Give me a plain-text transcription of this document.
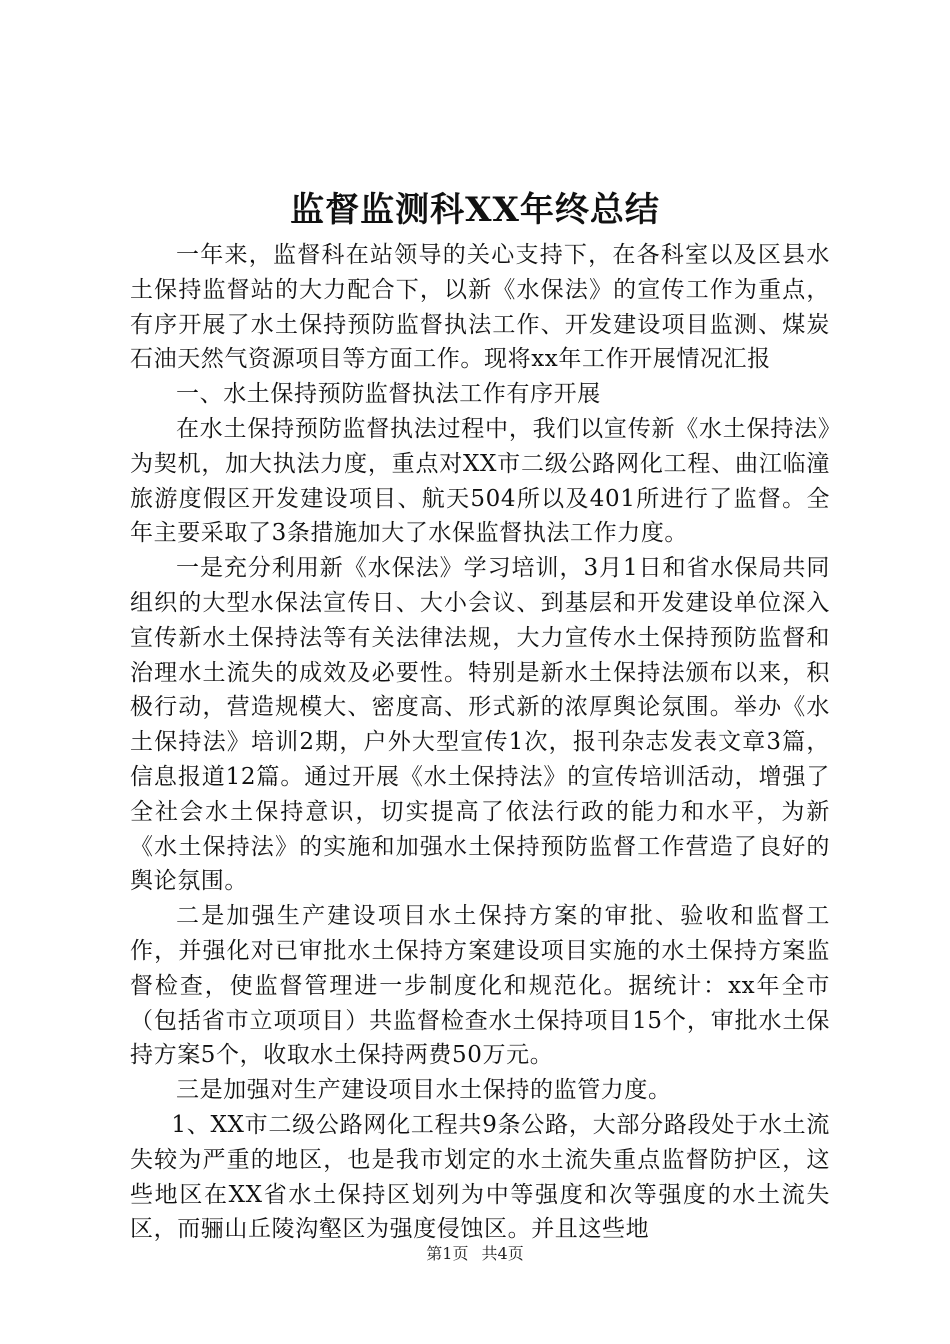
监督监测科XX年终总结

一年来，监督科在站领导的关心支持下，在各科室以及区县水土保持监督站的大力配合下，以新《水保法》的宣传工作为重点，有序开展了水土保持预防监督执法工作、开发建设项目监测、煤炭石油天然气资源项目等方面工作。现将xx年工作开展情况汇报

一、水土保持预防监督执法工作有序开展

在水土保持预防监督执法过程中，我们以宣传新《水土保持法》为契机，加大执法力度，重点对XX市二级公路网化工程、曲江临潼旅游度假区开发建设项目、航天504所以及401所进行了监督。全年主要采取了3条措施加大了水保监督执法工作力度。

一是充分利用新《水保法》学习培训，3月1日和省水保局共同组织的大型水保法宣传日、大小会议、到基层和开发建设单位深入宣传新水土保持法等有关法律法规，大力宣传水土保持预防监督和治理水土流失的成效及必要性。特别是新水土保持法颁布以来，积极行动，营造规模大、密度高、形式新的浓厚舆论氛围。举办《水土保持法》培训2期，户外大型宣传1次，报刊杂志发表文章3篇，信息报道12篇。通过开展《水土保持法》的宣传培训活动，增强了全社会水土保持意识，切实提高了依法行政的能力和水平，为新《水土保持法》的实施和加强水土保持预防监督工作营造了良好的舆论氛围。

二是加强生产建设项目水土保持方案的审批、验收和监督工作，并强化对已审批水土保持方案建设项目实施的水土保持方案监督检查，使监督管理进一步制度化和规范化。据统计：xx年全市（包括省市立项项目）共监督检查水土保持项目15个，审批水土保持方案5个，收取水土保持两费50万元。

三是加强对生产建设项目水土保持的监管力度。

1、XX市二级公路网化工程共9条公路，大部分路段处于水土流失较为严重的地区，也是我市划定的水土流失重点监督防护区，这些地区在XX省水土保持区划列为中等强度和次等强度的水土流失区，而骊山丘陵沟壑区为强度侵蚀区。并且这些地

第1页 共4页
